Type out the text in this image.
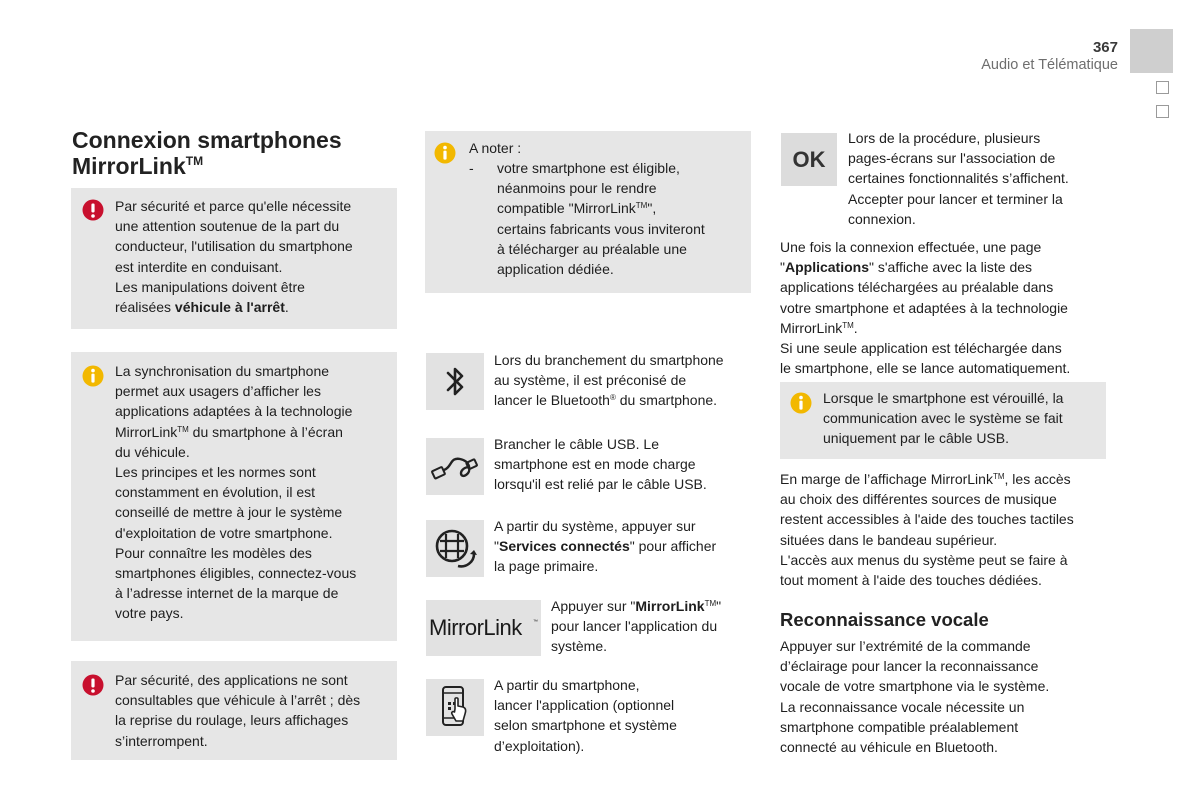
367
Audio et Télématique
Connexion smartphones
MirrorLink™

Par sécurité et parce qu'elle nécessite

une attention soutenue de la part du

conducteur, l'utilisation du smartphone

est interdite en conduisant.

Les manipulations doivent être

réalisées véhicule à l'arrêt.

La synchronisation du smartphone

permet aux usagers d’afficher les

applications adaptées à la technologie

MirrorLink™ du smartphone à l’écran

du véhicule.

Les principes et les normes sont

constamment en évolution, il est

conseillé de mettre à jour le système

d'exploitation de votre smartphone.

Pour connaître les modèles des

smartphones éligibles, connectez-vous

à l’adresse internet de la marque de

votre pays.

Par sécurité, des applications ne sont

consultables que véhicule à l’arrêt ; dès

la reprise du roulage, leurs affichages

s’interrompent.

A noter :

-	votre smartphone est éligible,

néanmoins pour le rendre

compatible "MirrorLink™",

certains fabricants vous inviteront

à télécharger au préalable une

application dédiée.

Lors du branchement du smartphone

au système, il est préconisé de

lancer le Bluetooth® du smartphone.

Brancher le câble USB. Le

smartphone est en mode charge

lorsqu'il est relié par le câble USB.

A partir du système, appuyer sur

"Services connectés" pour afficher

la page primaire.

MirrorLink ™

Appuyer sur "MirrorLink™"

pour lancer l'application du

système.

A partir du smartphone,

lancer l'application (optionnel

selon smartphone et système

d’exploitation).

OK

Lors de la procédure, plusieurs

pages-écrans sur l'association de

certaines fonctionnalités s’affichent.

Accepter pour lancer et terminer la

connexion.

Une fois la connexion effectuée, une page

"Applications" s'affiche avec la liste des

applications téléchargées au préalable dans

votre smartphone et adaptées à la technologie

MirrorLink™.

Si une seule application est téléchargée dans

le smartphone, elle se lance automatiquement.

Lorsque le smartphone est vérouillé, la

communication avec le système se fait

uniquement par le câble USB.

En marge de l’affichage MirrorLink™, les accès

au choix des différentes sources de musique

restent accessibles à l'aide des touches tactiles

situées dans le bandeau supérieur.

L'accès aux menus du système peut se faire à

tout moment à l'aide des touches dédiées.

Reconnaissance vocale

Appuyer sur l’extrémité de la commande

d’éclairage pour lancer la reconnaissance

vocale de votre smartphone via le système.

La reconnaissance vocale nécessite un

smartphone compatible préalablement

connecté au véhicule en Bluetooth.
